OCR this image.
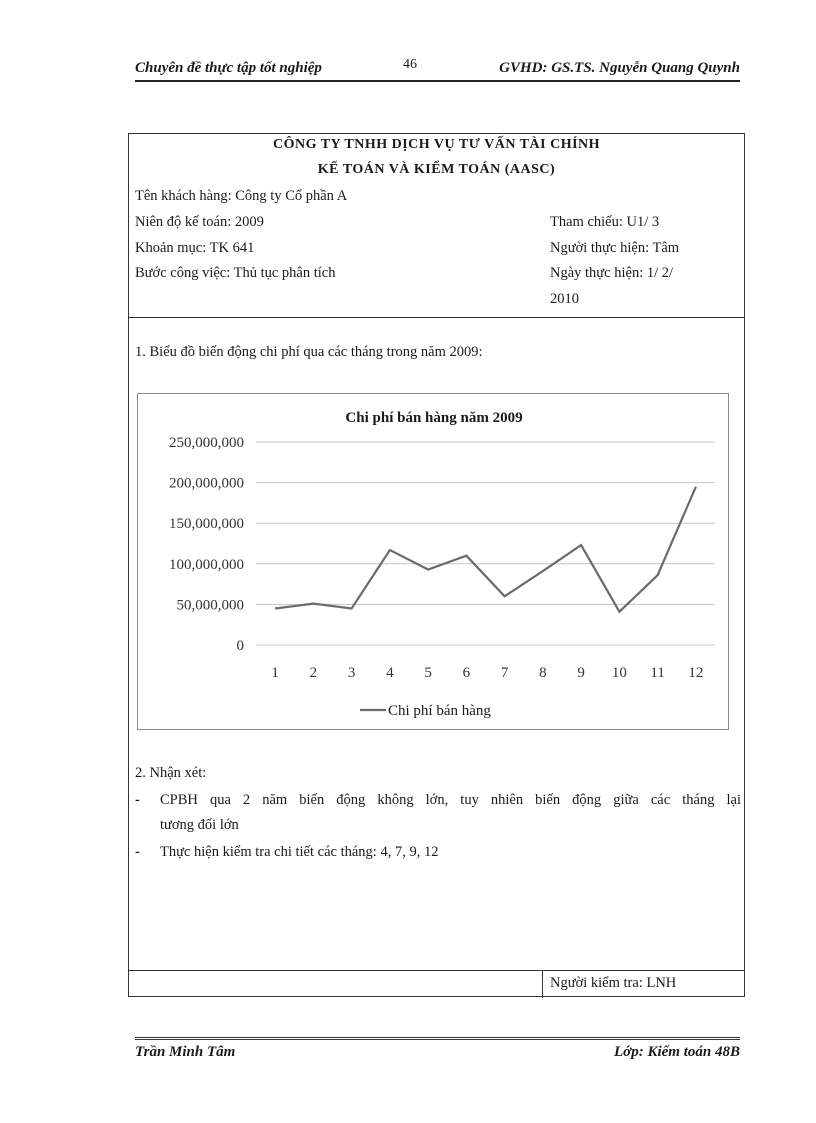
Chuyên đề thực tập tốt nghiệp	46	GVHD: GS.TS. Nguyễn Quang Quynh
CÔNG TY TNHH DỊCH VỤ TƯ VẤN TÀI CHÍNH
KẾ TOÁN VÀ KIỂM TOÁN (AASC)
Tên khách hàng: Công ty Cổ phần A
Niên độ kế toán: 2009
Khoản mục: TK 641
Bước công việc: Thủ tục phân tích
Tham chiếu: U1/ 3
Người thực hiện: Tâm
Ngày thực hiện: 1/ 2/
2010
Người kiểm tra: LNH
1. Biểu đồ biến động chi phí qua các tháng trong năm 2009:
0
50,000,000
100,000,000
150,000,000
200,000,000
250,000,000
1 2 3 4 5 6 7 8 9 10 11 12
Chi phí bán hàng năm 2009
Chi phí bán hàng
2. Nhận xét:
- CPBH qua 2 năm biến động không lớn, tuy nhiên biến động giữa các tháng lại
tương đối lớn
- Thực hiện kiểm tra chi tiết các tháng: 4, 7, 9, 12
Trần Minh Tâm	Lớp: Kiểm toán 48B
